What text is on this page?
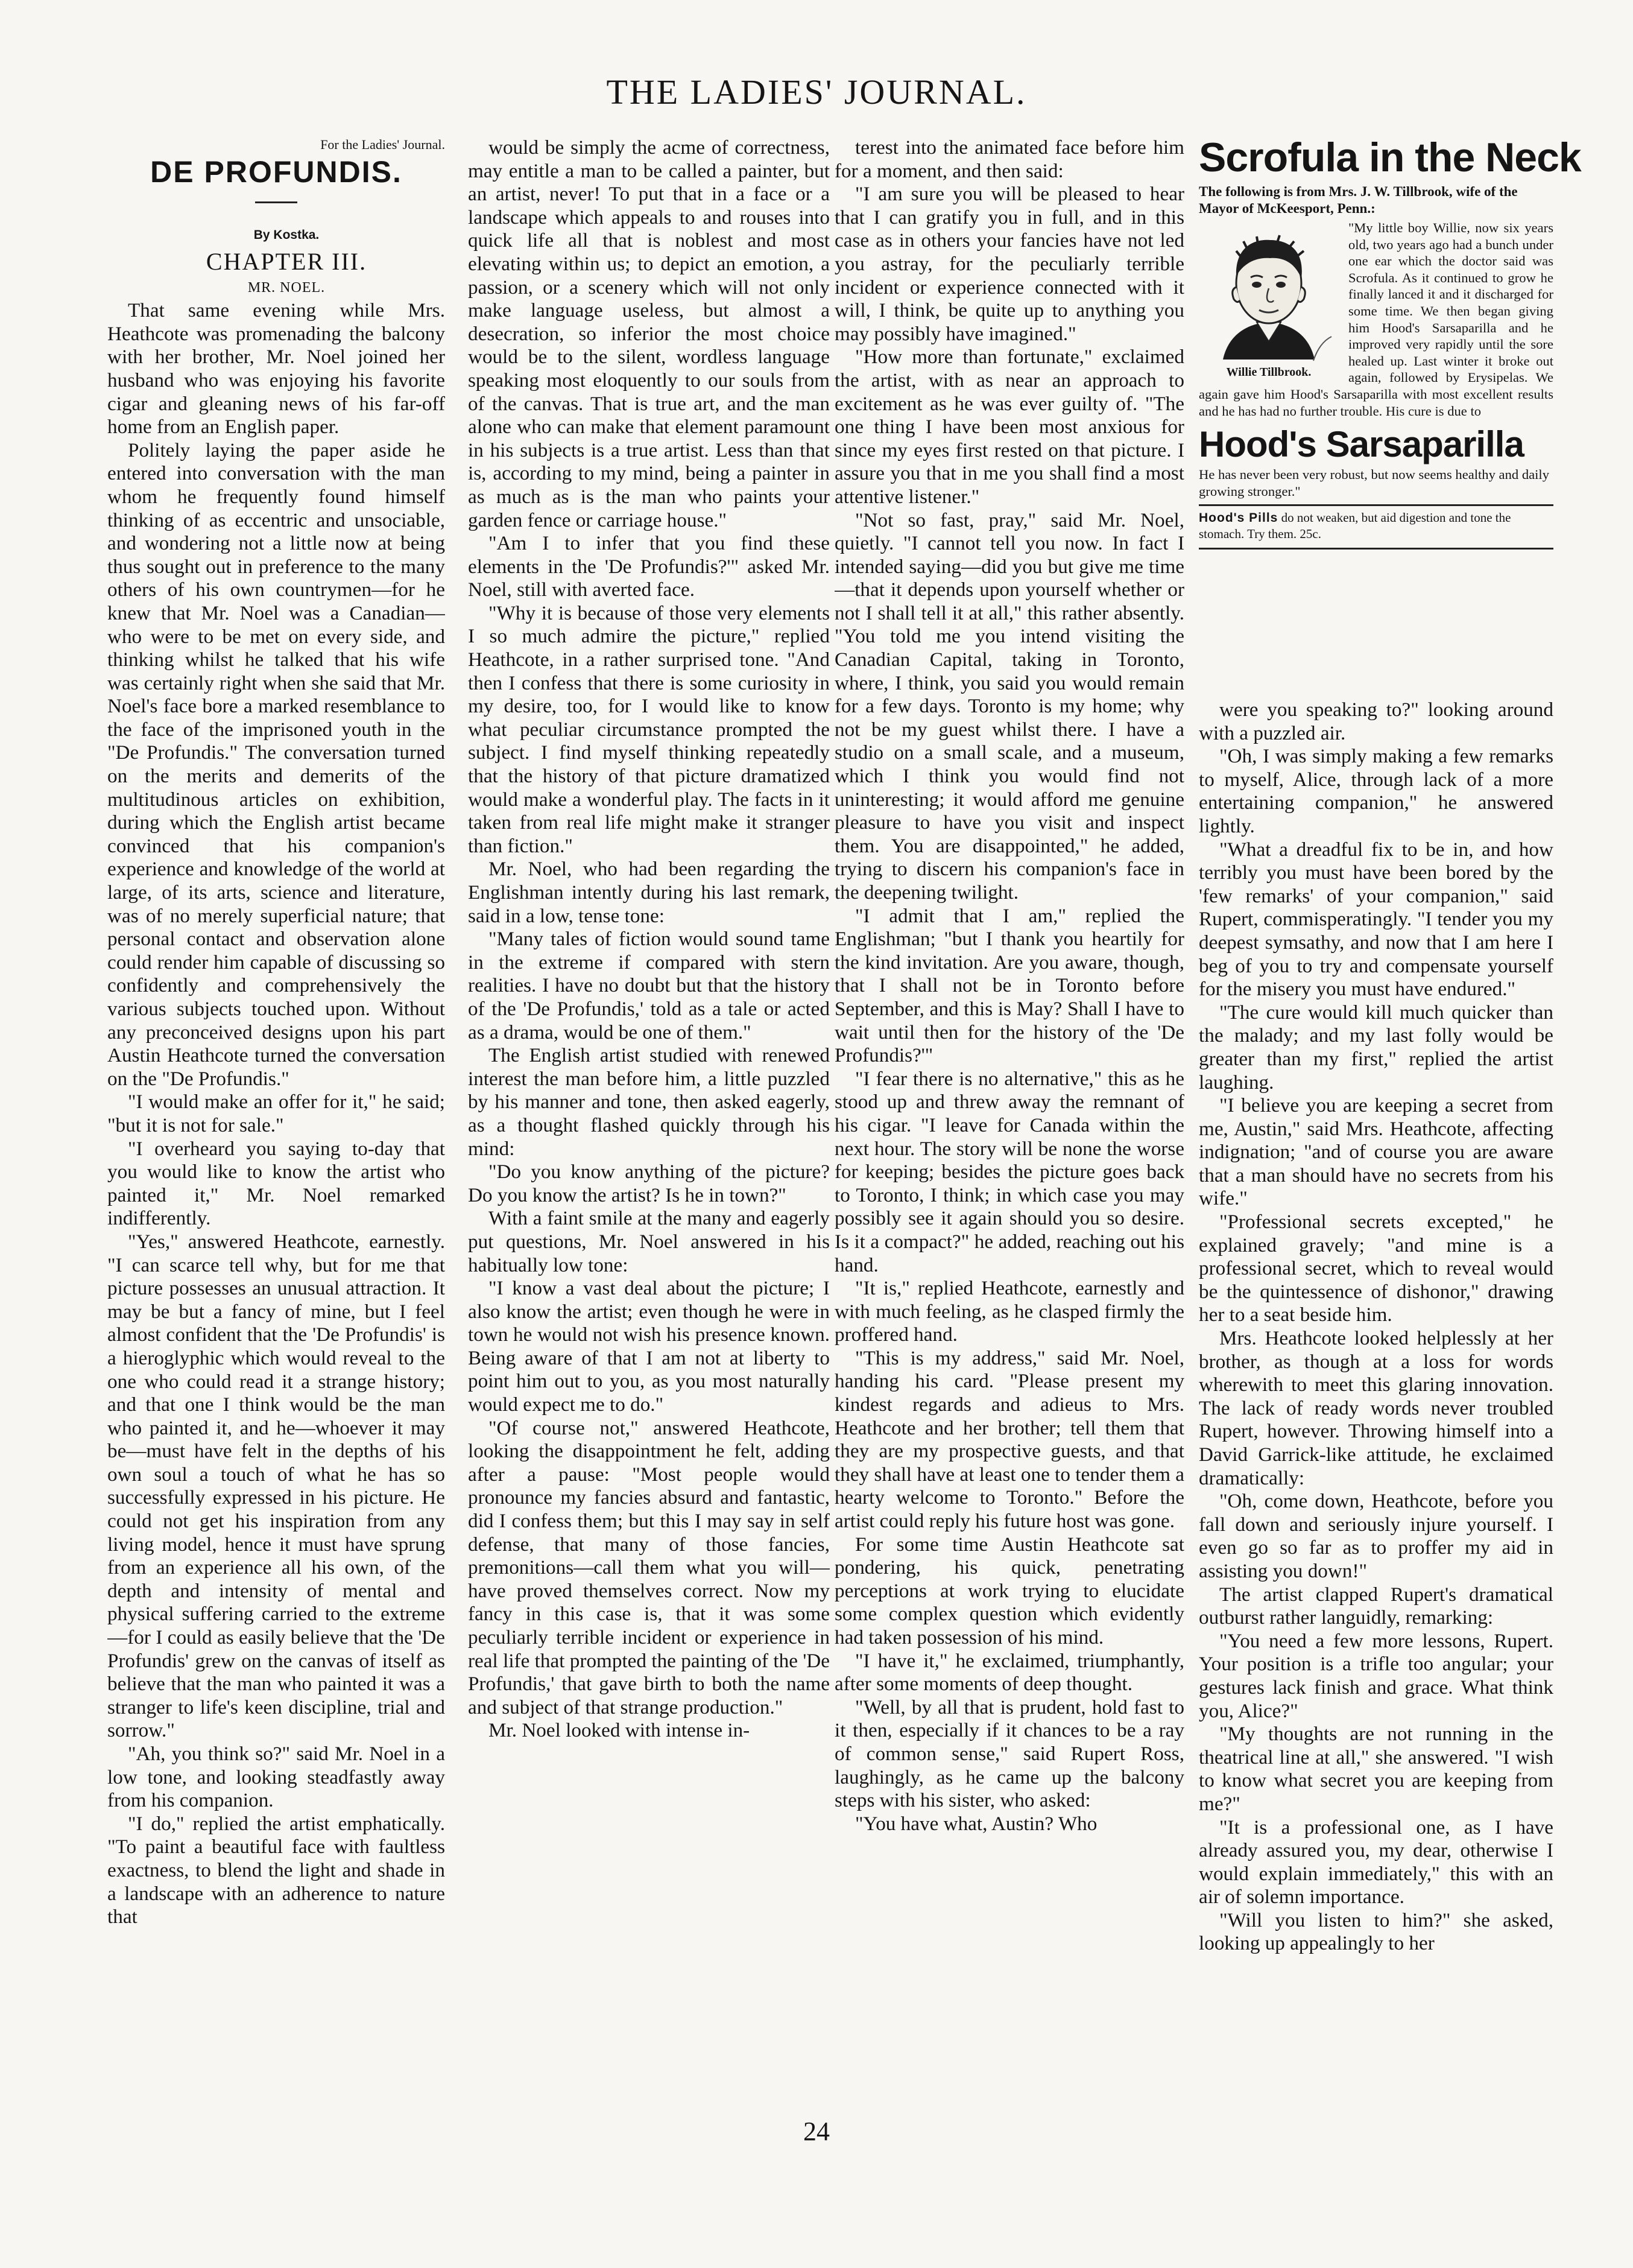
THE LADIES' JOURNAL.

For the Ladies' Journal.

DE PROFUNDIS.

By Kostka.

CHAPTER III.

MR. NOEL.

That same evening while Mrs. Heathcote was promenading the balcony with her brother, Mr. Noel joined her husband who was enjoying his favorite cigar and gleaning news of his far-off home from an English paper.

Politely laying the paper aside he entered into conversation with the man whom he frequently found himself thinking of as eccentric and unsociable, and wondering not a little now at being thus sought out in preference to the many others of his own countrymen—for he knew that Mr. Noel was a Canadian—who were to be met on every side, and thinking whilst he talked that his wife was certainly right when she said that Mr. Noel's face bore a marked resemblance to the face of the imprisoned youth in the "De Profundis." The conversation turned on the merits and demerits of the multitudinous articles on exhibition, during which the English artist became convinced that his companion's experience and knowledge of the world at large, of its arts, science and literature, was of no merely superficial nature; that personal contact and observation alone could render him capable of discussing so confidently and comprehensively the various subjects touched upon. Without any preconceived designs upon his part Austin Heathcote turned the conversation on the "De Profundis."

"I would make an offer for it," he said; "but it is not for sale."

"I overheard you saying to-day that you would like to know the artist who painted it," Mr. Noel remarked indifferently.

"Yes," answered Heathcote, earnestly. "I can scarce tell why, but for me that picture possesses an unusual attraction. It may be but a fancy of mine, but I feel almost confident that the 'De Profundis' is a hieroglyphic which would reveal to the one who could read it a strange history; and that one I think would be the man who painted it, and he—whoever it may be—must have felt in the depths of his own soul a touch of what he has so successfully expressed in his picture. He could not get his inspiration from any living model, hence it must have sprung from an experience all his own, of the depth and intensity of mental and physical suffering carried to the extreme—for I could as easily believe that the 'De Profundis' grew on the canvas of itself as believe that the man who painted it was a stranger to life's keen discipline, trial and sorrow."

"Ah, you think so?" said Mr. Noel in a low tone, and looking steadfastly away from his companion.

"I do," replied the artist emphatically. "To paint a beautiful face with faultless exactness, to blend the light and shade in a landscape with an adherence to nature that

would be simply the acme of correctness, may entitle a man to be called a painter, but an artist, never! To put that in a face or a landscape which appeals to and rouses into quick life all that is noblest and most elevating within us; to depict an emotion, a passion, or a scenery which will not only make language useless, but almost a desecration, so inferior the most choice would be to the silent, wordless language speaking most eloquently to our souls from of the canvas. That is true art, and the man alone who can make that element paramount in his subjects is a true artist. Less than that is, according to my mind, being a painter in as much as is the man who paints your garden fence or carriage house."

"Am I to infer that you find these elements in the 'De Profundis?'" asked Mr. Noel, still with averted face.

"Why it is because of those very elements I so much admire the picture," replied Heathcote, in a rather surprised tone. "And then I confess that there is some curiosity in my desire, too, for I would like to know what peculiar circumstance prompted the subject. I find myself thinking repeatedly that the history of that picture dramatized would make a wonderful play. The facts in it taken from real life might make it stranger than fiction."

Mr. Noel, who had been regarding the Englishman intently during his last remark, said in a low, tense tone:

"Many tales of fiction would sound tame in the extreme if compared with stern realities. I have no doubt but that the history of the 'De Profundis,' told as a tale or acted as a drama, would be one of them."

The English artist studied with renewed interest the man before him, a little puzzled by his manner and tone, then asked eagerly, as a thought flashed quickly through his mind:

"Do you know anything of the picture? Do you know the artist? Is he in town?"

With a faint smile at the many and eagerly put questions, Mr. Noel answered in his habitually low tone:

"I know a vast deal about the picture; I also know the artist; even though he were in town he would not wish his presence known. Being aware of that I am not at liberty to point him out to you, as you most naturally would expect me to do."

"Of course not," answered Heathcote, looking the disappointment he felt, adding after a pause: "Most people would pronounce my fancies absurd and fantastic, did I confess them; but this I may say in self defense, that many of those fancies, premonitions—call them what you will—have proved themselves correct. Now my fancy in this case is, that it was some peculiarly terrible incident or experience in real life that prompted the painting of the 'De Profundis,' that gave birth to both the name and subject of that strange production."

Mr. Noel looked with intense in-

terest into the animated face before him for a moment, and then said:

"I am sure you will be pleased to hear that I can gratify you in full, and in this case as in others your fancies have not led you astray, for the peculiarly terrible incident or experience connected with it will, I think, be quite up to anything you may possibly have imagined."

"How more than fortunate," exclaimed the artist, with as near an approach to excitement as he was ever guilty of. "The one thing I have been most anxious for since my eyes first rested on that picture. I assure you that in me you shall find a most attentive listener."

"Not so fast, pray," said Mr. Noel, quietly. "I cannot tell you now. In fact I intended saying—did you but give me time—that it depends upon yourself whether or not I shall tell it at all," this rather absently. "You told me you intend visiting the Canadian Capital, taking in Toronto, where, I think, you said you would remain for a few days. Toronto is my home; why not be my guest whilst there. I have a studio on a small scale, and a museum, which I think you would find not uninteresting; it would afford me genuine pleasure to have you visit and inspect them. You are disappointed," he added, trying to discern his companion's face in the deepening twilight.

"I admit that I am," replied the Englishman; "but I thank you heartily for the kind invitation. Are you aware, though, that I shall not be in Toronto before September, and this is May? Shall I have to wait until then for the history of the 'De Profundis?'"

"I fear there is no alternative," this as he stood up and threw away the remnant of his cigar. "I leave for Canada within the next hour. The story will be none the worse for keeping; besides the picture goes back to Toronto, I think; in which case you may possibly see it again should you so desire. Is it a compact?" he added, reaching out his hand.

"It is," replied Heathcote, earnestly and with much feeling, as he clasped firmly the proffered hand.

"This is my address," said Mr. Noel, handing his card. "Please present my kindest regards and adieus to Mrs. Heathcote and her brother; tell them that they are my prospective guests, and that they shall have at least one to tender them a hearty welcome to Toronto." Before the artist could reply his future host was gone.

For some time Austin Heathcote sat pondering, his quick, penetrating perceptions at work trying to elucidate some complex question which evidently had taken possession of his mind.

"I have it," he exclaimed, triumphantly, after some moments of deep thought.

"Well, by all that is prudent, hold fast to it then, especially if it chances to be a ray of common sense," said Rupert Ross, laughingly, as he came up the balcony steps with his sister, who asked:

"You have what, Austin? Who

Scrofula in the Neck
The following is from Mrs. J. W. Tillbrook, wife of the Mayor of McKeesport, Penn.:
Willie Tillbrook.
"My little boy Willie, now six years old, two years ago had a bunch under one ear which the doctor said was Scrofula. As it continued to grow he finally lanced it and it discharged for some time. We then began giving him Hood's Sarsaparilla and he improved very rapidly until the sore healed up. Last winter it broke out again, followed by Erysipelas. We again gave him Hood's Sarsaparilla with most excellent results and he has had no further trouble. His cure is due to
Hood's Sarsaparilla
He has never been very robust, but now seems healthy and daily growing stronger."
Hood's Pills do not weaken, but aid digestion and tone the stomach. Try them. 25c.

were you speaking to?" looking around with a puzzled air.

"Oh, I was simply making a few remarks to myself, Alice, through lack of a more entertaining companion," he answered lightly.

"What a dreadful fix to be in, and how terribly you must have been bored by the 'few remarks' of your companion," said Rupert, commisperatingly. "I tender you my deepest symsathy, and now that I am here I beg of you to try and compensate yourself for the misery you must have endured."

"The cure would kill much quicker than the malady; and my last folly would be greater than my first," replied the artist laughing.

"I believe you are keeping a secret from me, Austin," said Mrs. Heathcote, affecting indignation; "and of course you are aware that a man should have no secrets from his wife."

"Professional secrets excepted," he explained gravely; "and mine is a professional secret, which to reveal would be the quintessence of dishonor," drawing her to a seat beside him.

Mrs. Heathcote looked helplessly at her brother, as though at a loss for words wherewith to meet this glaring innovation. The lack of ready words never troubled Rupert, however. Throwing himself into a David Garrick-like attitude, he exclaimed dramatically:

"Oh, come down, Heathcote, before you fall down and seriously injure yourself. I even go so far as to proffer my aid in assisting you down!"

The artist clapped Rupert's dramatical outburst rather languidly, remarking:

"You need a few more lessons, Rupert. Your position is a trifle too angular; your gestures lack finish and grace. What think you, Alice?"

"My thoughts are not running in the theatrical line at all," she answered. "I wish to know what secret you are keeping from me?"

"It is a professional one, as I have already assured you, my dear, otherwise I would explain immediately," this with an air of solemn importance.

"Will you listen to him?" she asked, looking up appealingly to her

24
